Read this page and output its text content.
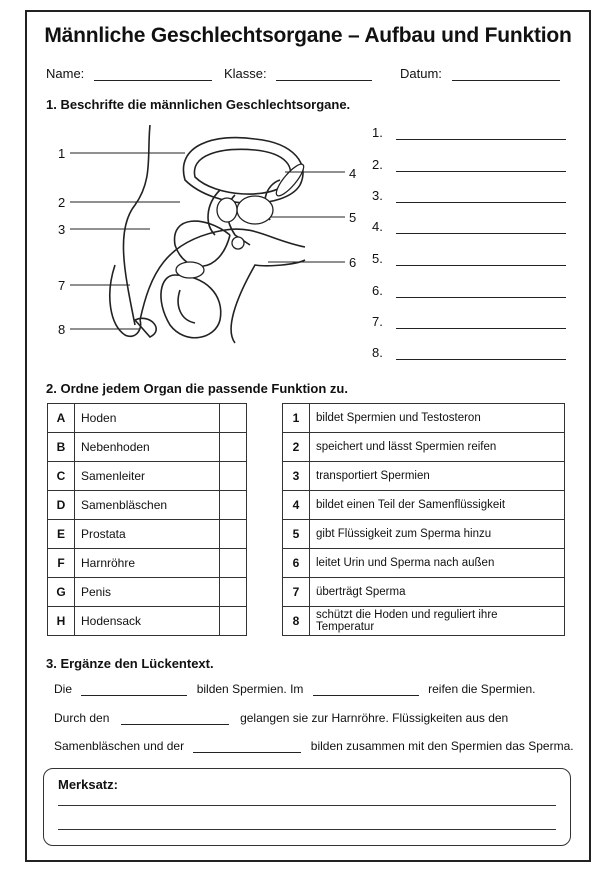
Männliche Geschlechtsorgane – Aufbau und Funktion
Name:	Klasse:	Datum:
1. Beschrifte die männlichen Geschlechtsorgane.
1
2
3
7
8
4
5
6
1.
2.
3.
4.
5.
6.
7.
8.
2. Ordne jedem Organ die passende Funktion zu.
A	Hoden	
B	Nebenhoden	
C	Samenleiter	
D	Samenbläschen	
E	Prostata	
F	Harnröhre	
G	Penis	
H	Hodensack	
1	bildet Spermien und Testosteron
2	speichert und lässt Spermien reifen
3	transportiert Spermien
4	bildet einen Teil der Samenflüssigkeit
5	gibt Flüssigkeit zum Sperma hinzu
6	leitet Urin und Sperma nach außen
7	überträgt Sperma
8	schützt die Hoden und reguliert ihre Temperatur
3. Ergänze den Lückentext.
Die	bilden Spermien. Im	reifen die Spermien.
Durch den	gelangen sie zur Harnröhre. Flüssigkeiten aus den
Samenbläschen und der	bilden zusammen mit den Spermien das Sperma.
Merksatz:
